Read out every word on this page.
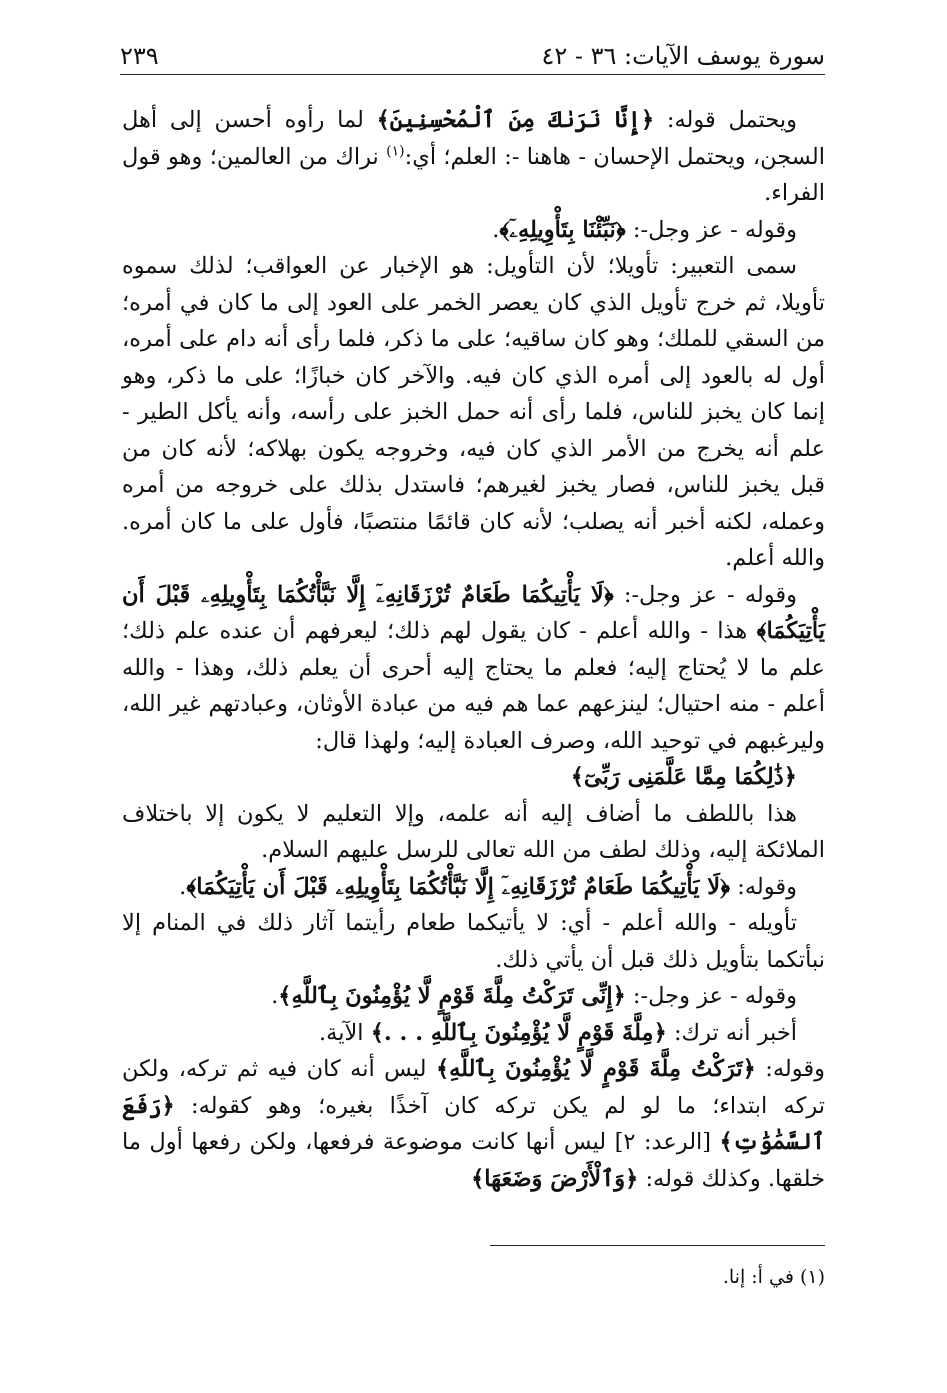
سورة يوسف الآيات: ٣٦ - ٤٢
٢٣٩

ويحتمل قوله: ﴿إِنَّا نَرَىٰكَ مِنَ ٱلْمُحْسِنِينَ﴾ لما رأوه أحسن إلى أهل السجن، ويحتمل الإحسان - هاهنا -: العلم؛ أي:$^{(١)}$ نراك من العالمين؛ وهو قول الفراء.

وقوله - عز وجل-: ﴿نَبِّئْنَا بِتَأْوِيلِهِۦٓ﴾.

سمى التعبير: تأويلا؛ لأن التأويل: هو الإخبار عن العواقب؛ لذلك سموه تأويلا، ثم خرج تأويل الذي كان يعصر الخمر على العود إلى ما كان في أمره؛ من السقي للملك؛ وهو كان ساقيه؛ على ما ذكر، فلما رأى أنه دام على أمره، أول له بالعود إلى أمره الذي كان فيه. والآخر كان خبازًا؛ على ما ذكر، وهو إنما كان يخبز للناس، فلما رأى أنه حمل الخبز على رأسه، وأنه يأكل الطير - علم أنه يخرج من الأمر الذي كان فيه، وخروجه يكون بهلاكه؛ لأنه كان من قبل يخبز للناس، فصار يخبز لغيرهم؛ فاستدل بذلك على خروجه من أمره وعمله، لكنه أخبر أنه يصلب؛ لأنه كان قائمًا منتصبًا، فأول على ما كان أمره. والله أعلم.

وقوله - عز وجل-: ﴿لَا يَأْتِيكُمَا طَعَامٌ تُرْزَقَانِهِۦٓ إِلَّا نَبَّأْتُكُمَا بِتَأْوِيلِهِۦ قَبْلَ أَن يَأْتِيَكُمَا﴾ هذا - والله أعلم - كان يقول لهم ذلك؛ ليعرفهم أن عنده علم ذلك؛ علم ما لا يُحتاج إليه؛ فعلم ما يحتاج إليه أحرى أن يعلم ذلك، وهذا - والله أعلم - منه احتيال؛ لينزعهم عما هم فيه من عبادة الأوثان، وعبادتهم غير الله، وليرغبهم في توحيد الله، وصرف العبادة إليه؛ ولهذا قال:

﴿ذَٰلِكُمَا مِمَّا عَلَّمَنِى رَبِّىٓ﴾

هذا باللطف ما أضاف إليه أنه علمه، وإلا التعليم لا يكون إلا باختلاف الملائكة إليه، وذلك لطف من الله تعالى للرسل عليهم السلام.

وقوله: ﴿لَا يَأْتِيكُمَا طَعَامٌ تُرْزَقَانِهِۦٓ إِلَّا نَبَّأْتُكُمَا بِتَأْوِيلِهِۦ قَبْلَ أَن يَأْتِيَكُمَا﴾.

تأويله - والله أعلم - أي: لا يأتيكما طعام رأيتما آثار ذلك في المنام إلا نبأتكما بتأويل ذلك قبل أن يأتي ذلك.

وقوله - عز وجل-: ﴿إِنِّى تَرَكْتُ مِلَّةَ قَوْمٍ لَّا يُؤْمِنُونَ بِٱللَّهِ﴾.

أخبر أنه ترك: ﴿مِلَّةَ قَوْمٍ لَّا يُؤْمِنُونَ بِٱللَّهِ . . .﴾ الآية.

وقوله: ﴿تَرَكْتُ مِلَّةَ قَوْمٍ لَّا يُؤْمِنُونَ بِٱللَّهِ﴾ ليس أنه كان فيه ثم تركه، ولكن تركه ابتداء؛ ما لو لم يكن تركه كان آخذًا بغيره؛ وهو كقوله: ﴿رَفَعَ ٱلسَّمَٰوَٰتِ﴾ [الرعد: ٢] ليس أنها كانت موضوعة فرفعها، ولكن رفعها أول ما خلقها. وكذلك قوله: ﴿وَٱلْأَرْضَ وَضَعَهَا﴾

(١) في أ: إنا.
